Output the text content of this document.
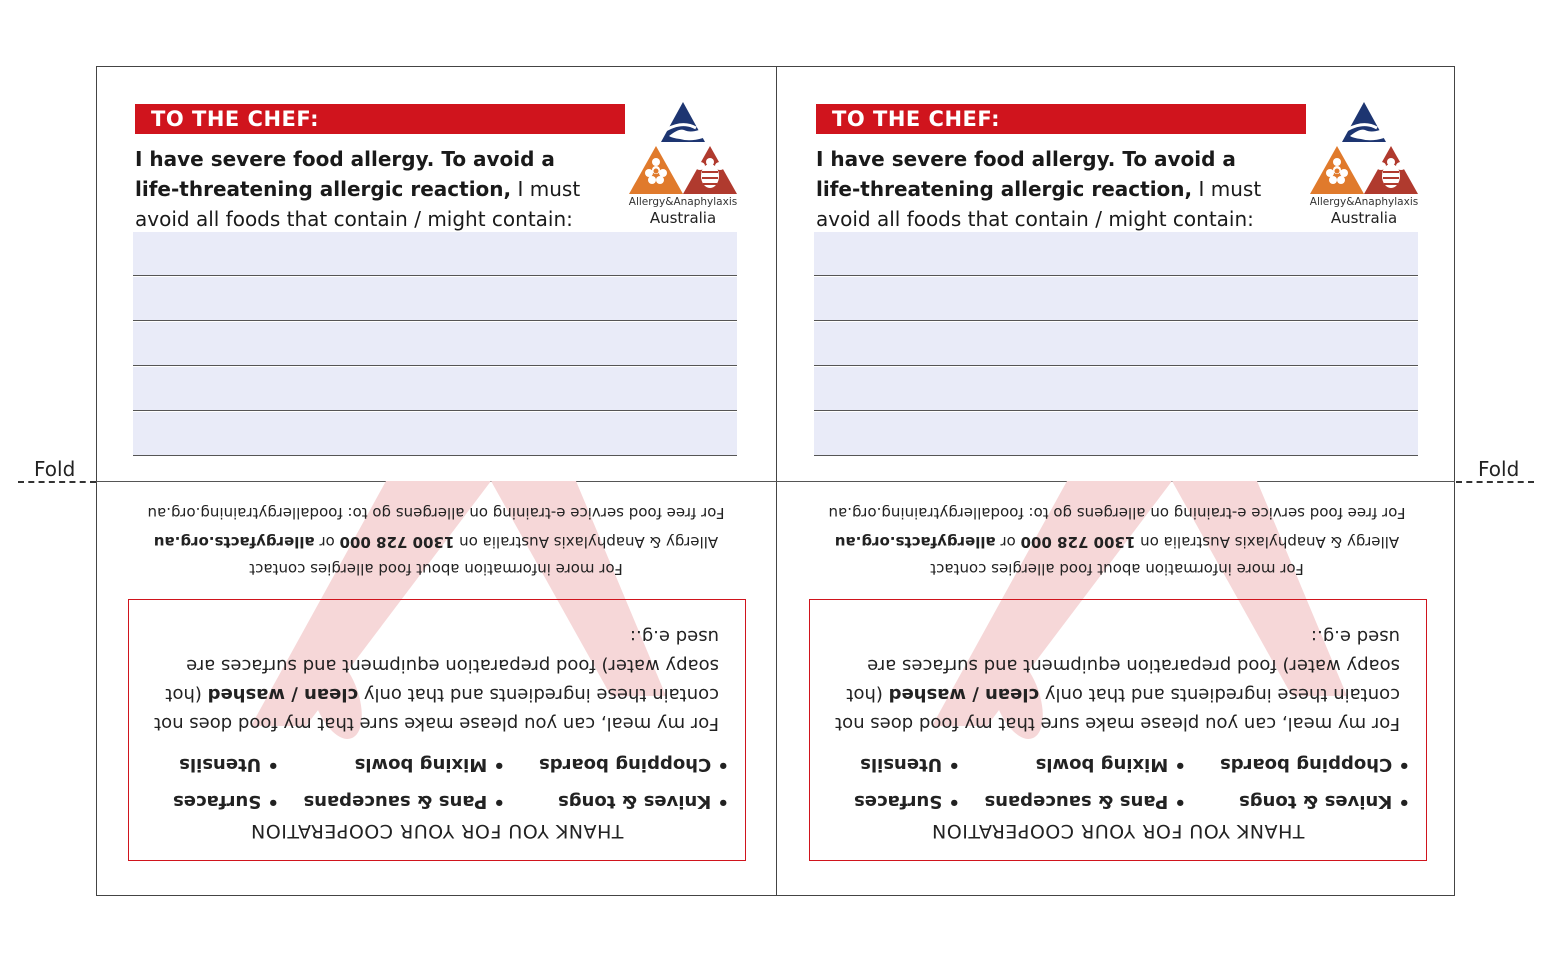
Fold	Fold
TO THE CHEF:
I have severe food allergy. To avoid a life-threatening allergic reaction, I must avoid all foods that contain / might contain:
Allergy&Anaphylaxis
Australia
For free food service e-training on allergens go to: foodallergytraining.org.au
Allergy & Anaphylaxis Australia on 1300 728 000 or allergyfacts.org.au
For more information about food allergies contact
For my meal, can you please make sure that my food does not contain these ingredients and that only clean / washed (hot soapy water) food preparation equipment and surfaces are used e.g.:
• Chopping boards
• Mixing bowls
• Utensils
• Knives & tongs
• Pans & saucepans
• Surfaces
THANK YOU FOR YOUR COOPERATION
TO THE CHEF:
I have severe food allergy. To avoid a life-threatening allergic reaction, I must avoid all foods that contain / might contain:
Allergy&Anaphylaxis
Australia
For free food service e-training on allergens go to: foodallergytraining.org.au
Allergy & Anaphylaxis Australia on 1300 728 000 or allergyfacts.org.au
For more information about food allergies contact
For my meal, can you please make sure that my food does not contain these ingredients and that only clean / washed (hot soapy water) food preparation equipment and surfaces are used e.g.:
• Chopping boards
• Mixing bowls
• Utensils
• Knives & tongs
• Pans & saucepans
• Surfaces
THANK YOU FOR YOUR COOPERATION
